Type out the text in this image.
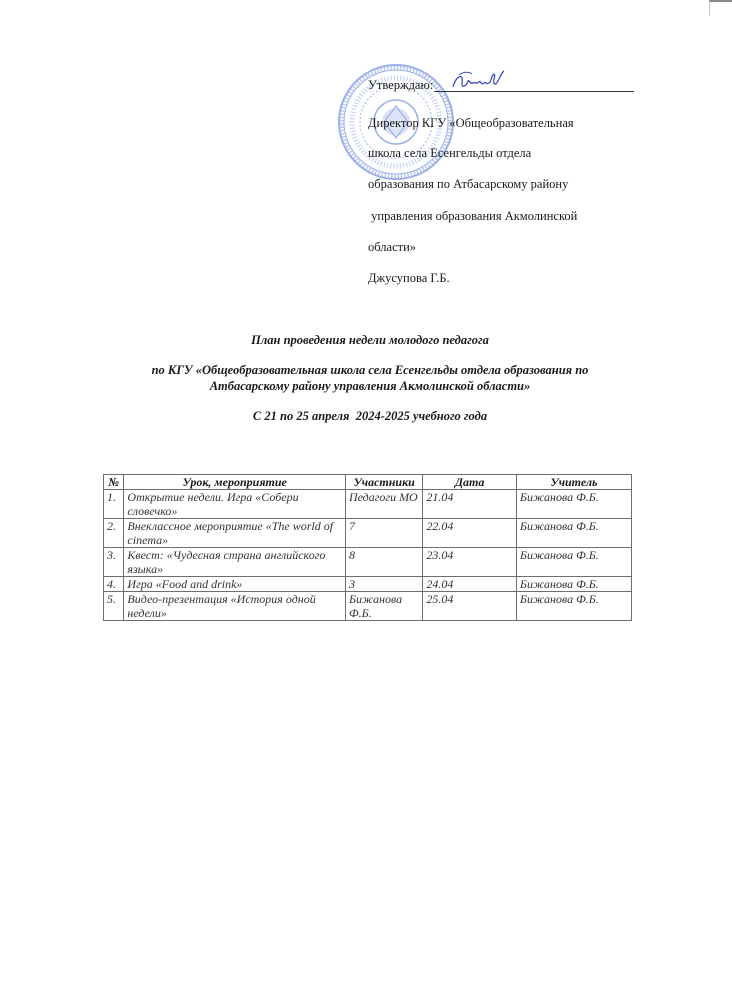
Утверждаю:
Директор КГУ «Общеобразовательная
школа села Есенгельды отдела
образования по Атбасарскому району
управления образования Акмолинской
области»
Джусупова Г.Б.
План проведения недели молодого педагога
по КГУ «Общеобразовательная школа села Есенгельды отдела образования по
Атбасарскому району управления Акмолинской области»
С 21 по 25 апреля  2024-2025 учебного года
№	Урок, мероприятие	Участники	Дата	Учитель
1.	Открытие недели. Игра «Собери словечко»	Педагоги МО	21.04	Бижанова Ф.Б.
2.	Внеклассное мероприятие «The world of cinema»	7	22.04	Бижанова Ф.Б.
3.	Квест: «Чудесная страна английского языка»	8	23.04	Бижанова Ф.Б.
4.	Игра «Food and drink»	3	24.04	Бижанова Ф.Б.
5.	Видео-презентация «История одной недели»	Бижанова Ф.Б.	25.04	Бижанова Ф.Б.
